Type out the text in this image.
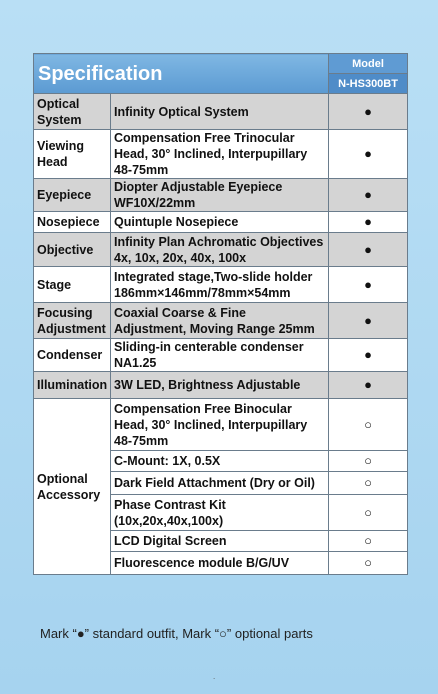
Specification		Model
		N-HS300BT
Optical
System	Infinity Optical System	●
Viewing
Head	Compensation Free Trinocular
Head, 30° Inclined, Interpupillary
48-75mm	●
Eyepiece	Diopter Adjustable Eyepiece
WF10X/22mm	●
Nosepiece	Quintuple Nosepiece	●
Objective	Infinity Plan Achromatic Objectives
4x, 10x, 20x, 40x, 100x	●
Stage	Integrated stage,Two-slide holder
186mm×146mm/78mm×54mm	●
Focusing
Adjustment	Coaxial Coarse & Fine
Adjustment, Moving Range 25mm	●
Condenser	Sliding-in centerable condenser
NA1.25	●
Illumination	3W LED, Brightness Adjustable	●
Optional
Accessory	Compensation Free Binocular
Head, 30° Inclined, Interpupillary
48-75mm	○
	C-Mount: 1X, 0.5X	○
	Dark Field Attachment (Dry or Oil)	○
	Phase Contrast Kit
(10x,20x,40x,100x)	○
	LCD Digital Screen	○
	Fluorescence module B/G/UV	○
Mark “●” standard outfit, Mark “○” optional parts
.
